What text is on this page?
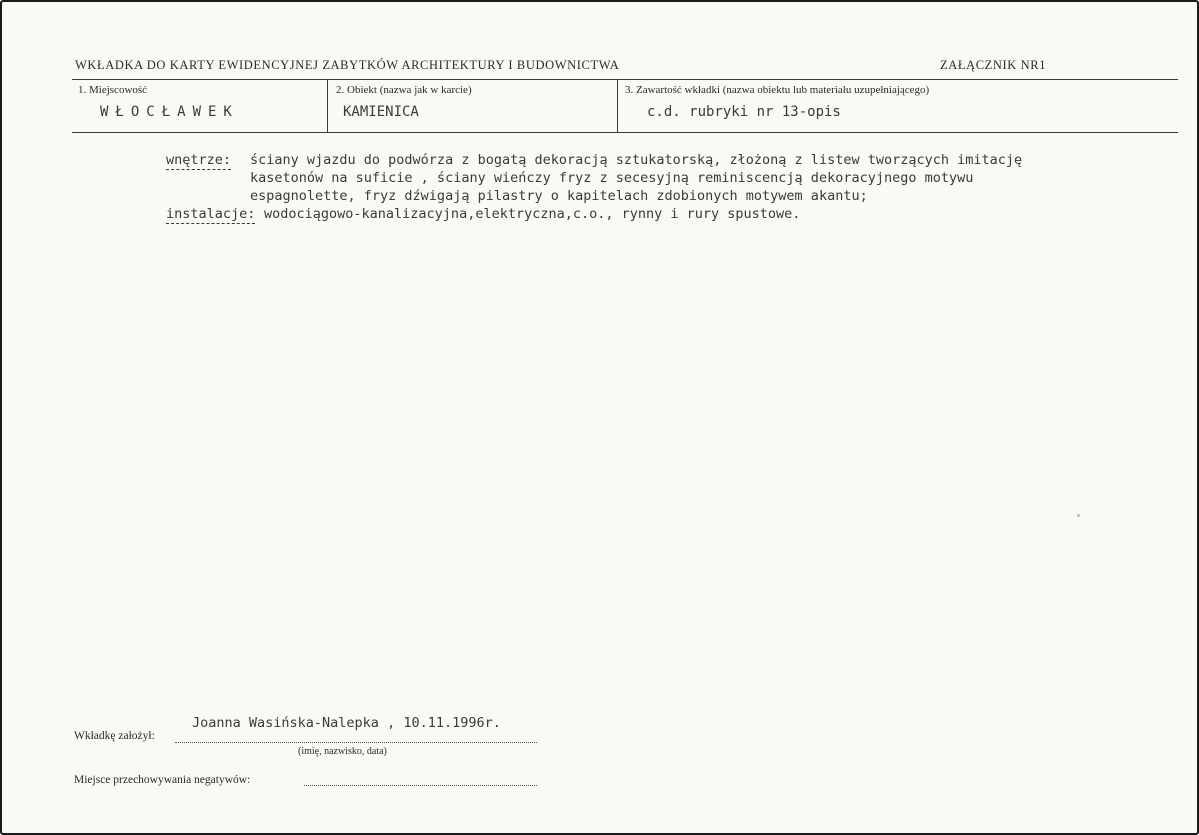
WKŁADKA DO KARTY EWIDENCYJNEJ ZABYTKÓW ARCHITEKTURY I BUDOWNICTWA	ZAŁĄCZNIK NR1
1. Miejscowość
WŁOCŁAWEK
2. Obiekt (nazwa jak w karcie)
KAMIENICA
3. Zawartość wkładki (nazwa obiektu lub materiału uzupełniającego)
c.d. rubryki nr 13-opis
wnętrze: ściany wjazdu do podwórza z bogatą dekoracją sztukatorską, złożoną z listew tworzących imitację
kasetonów na suficie , ściany wieńczy fryz z secesyjną reminiscencją dekoracyjnego motywu
espagnolette, fryz dźwigają pilastry o kapitelach zdobionych motywem akantu;
instalacje: wodociągowo-kanalizacyjna,elektryczna,c.o., rynny i rury spustowe.
Joanna Wasińska-Nalepka , 10.11.1996r.
Wkładkę założył:
(imię, nazwisko, data)
Miejsce przechowywania negatywów:
